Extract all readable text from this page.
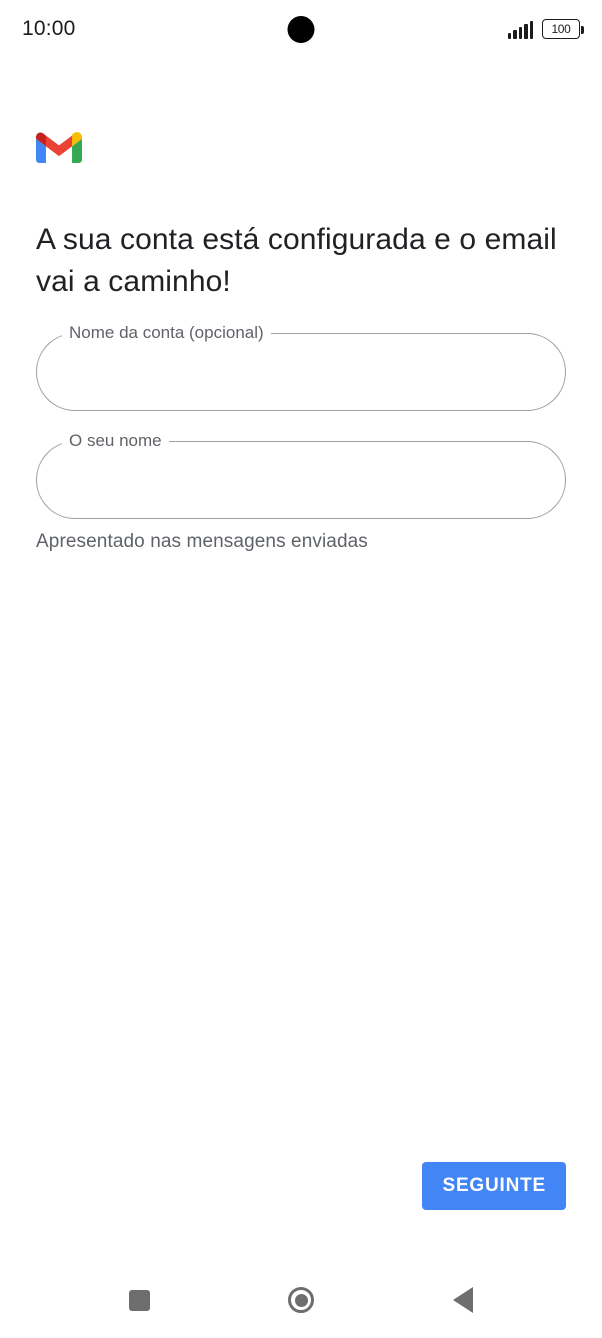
10:00	100
A sua conta está configurada e o email vai a caminho!
Nome da conta (opcional)
O seu nome
Apresentado nas mensagens enviadas
SEGUINTE
